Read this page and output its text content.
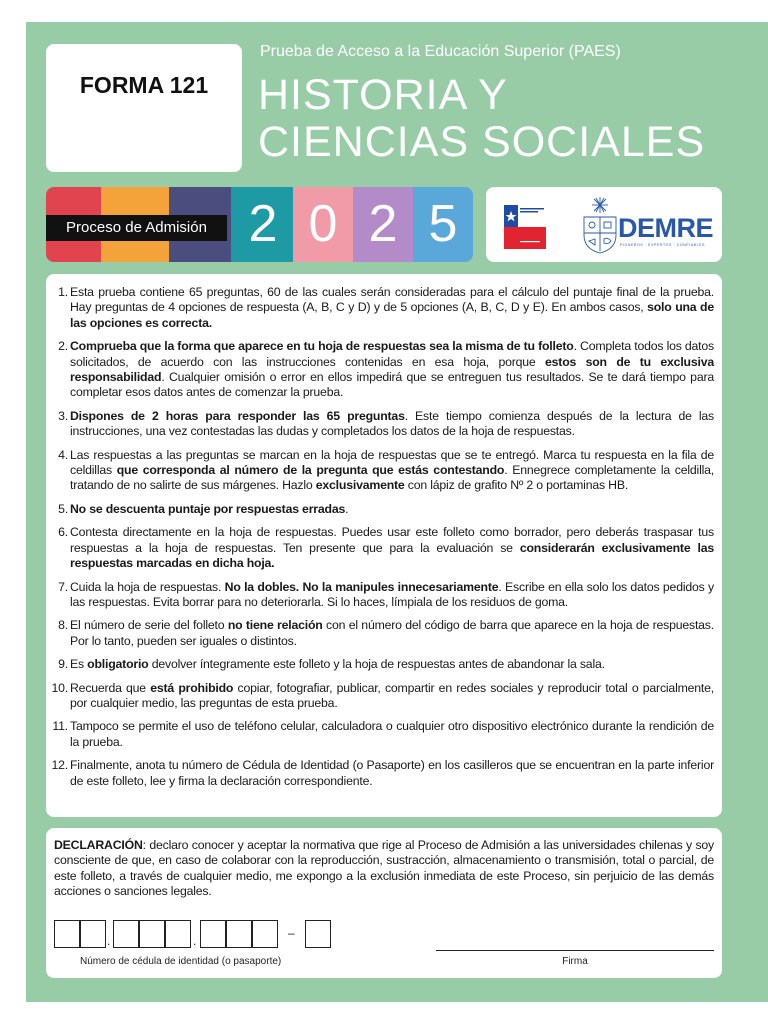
FORMA 121
Prueba de Acceso a la Educación Superior (PAES)
HISTORIA Y
CIENCIAS SOCIALES
Proceso de Admisión 2 0 2 5	DEMRE
PIONEROS · EXPERTOS · CONFIABLES
1. Esta prueba contiene 65 preguntas, 60 de las cuales serán consideradas para el cálculo del puntaje final de la prueba. Hay preguntas de 4 opciones de respuesta (A, B, C y D) y de 5 opciones (A, B, C, D y E). En ambos casos, solo una de las opciones es correcta.
2. Comprueba que la forma que aparece en tu hoja de respuestas sea la misma de tu folleto. Completa todos los datos solicitados, de acuerdo con las instrucciones contenidas en esa hoja, porque estos son de tu exclusiva responsabilidad. Cualquier omisión o error en ellos impedirá que se entreguen tus resultados. Se te dará tiempo para completar esos datos antes de comenzar la prueba.
3. Dispones de 2 horas para responder las 65 preguntas. Este tiempo comienza después de la lectura de las instrucciones, una vez contestadas las dudas y completados los datos de la hoja de respuestas.
4. Las respuestas a las preguntas se marcan en la hoja de respuestas que se te entregó. Marca tu respuesta en la fila de celdillas que corresponda al número de la pregunta que estás contestando. Ennegrece completamente la celdilla, tratando de no salirte de sus márgenes. Hazlo exclusivamente con lápiz de grafito Nº 2 o portaminas HB.
5. No se descuenta puntaje por respuestas erradas.
6. Contesta directamente en la hoja de respuestas. Puedes usar este folleto como borrador, pero deberás traspasar tus respuestas a la hoja de respuestas. Ten presente que para la evaluación se considerarán exclusivamente las respuestas marcadas en dicha hoja.
7. Cuida la hoja de respuestas. No la dobles. No la manipules innecesariamente. Escribe en ella solo los datos pedidos y las respuestas. Evita borrar para no deteriorarla. Si lo haces, límpiala de los residuos de goma.
8. El número de serie del folleto no tiene relación con el número del código de barra que aparece en la hoja de respuestas. Por lo tanto, pueden ser iguales o distintos.
9. Es obligatorio devolver íntegramente este folleto y la hoja de respuestas antes de abandonar la sala.
10. Recuerda que está prohibido copiar, fotografiar, publicar, compartir en redes sociales y reproducir total o parcialmente, por cualquier medio, las preguntas de esta prueba.
11. Tampoco se permite el uso de teléfono celular, calculadora o cualquier otro dispositivo electrónico durante la rendición de la prueba.
12. Finalmente, anota tu número de Cédula de Identidad (o Pasaporte) en los casilleros que se encuentran en la parte inferior de este folleto, lee y firma la declaración correspondiente.
DECLARACIÓN: declaro conocer y aceptar la normativa que rige al Proceso de Admisión a las universidades chilenas y soy consciente de que, en caso de colaborar con la reproducción, sustracción, almacenamiento o transmisión, total o parcial, de este folleto, a través de cualquier medio, me expongo a la exclusión inmediata de este Proceso, sin perjuicio de las demás acciones o sanciones legales.
.	.
–
Número de cédula de identidad (o pasaporte)	Firma
